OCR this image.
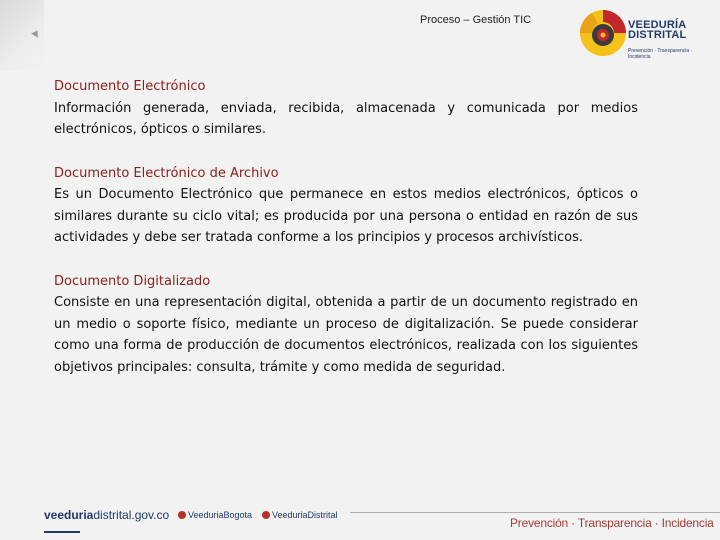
Proceso – Gestión TIC	VEEDURÍA
DISTRITAL
Prevención · Transparencia · Incidencia
Documento Electrónico
Información generada, enviada, recibida, almacenada y comunicada por medios electrónicos, ópticos o similares.
Documento Electrónico de Archivo
Es un Documento Electrónico que permanece en estos medios electrónicos, ópticos o similares durante su ciclo vital; es producida por una persona o entidad en razón de sus actividades y debe ser tratada conforme a los principios y procesos archivísticos.
Documento Digitalizado
Consiste en una representación digital, obtenida a partir de un documento registrado en un medio o soporte físico, mediante un proceso de digitalización. Se puede considerar como una forma de producción de documentos electrónicos, realizada con los siguientes objetivos principales: consulta, trámite y como medida de seguridad.
veeduriadistrital.gov.co	VeeduriaBogota	VeeduriaDistrital
Prevención · Transparencia · Incidencia
